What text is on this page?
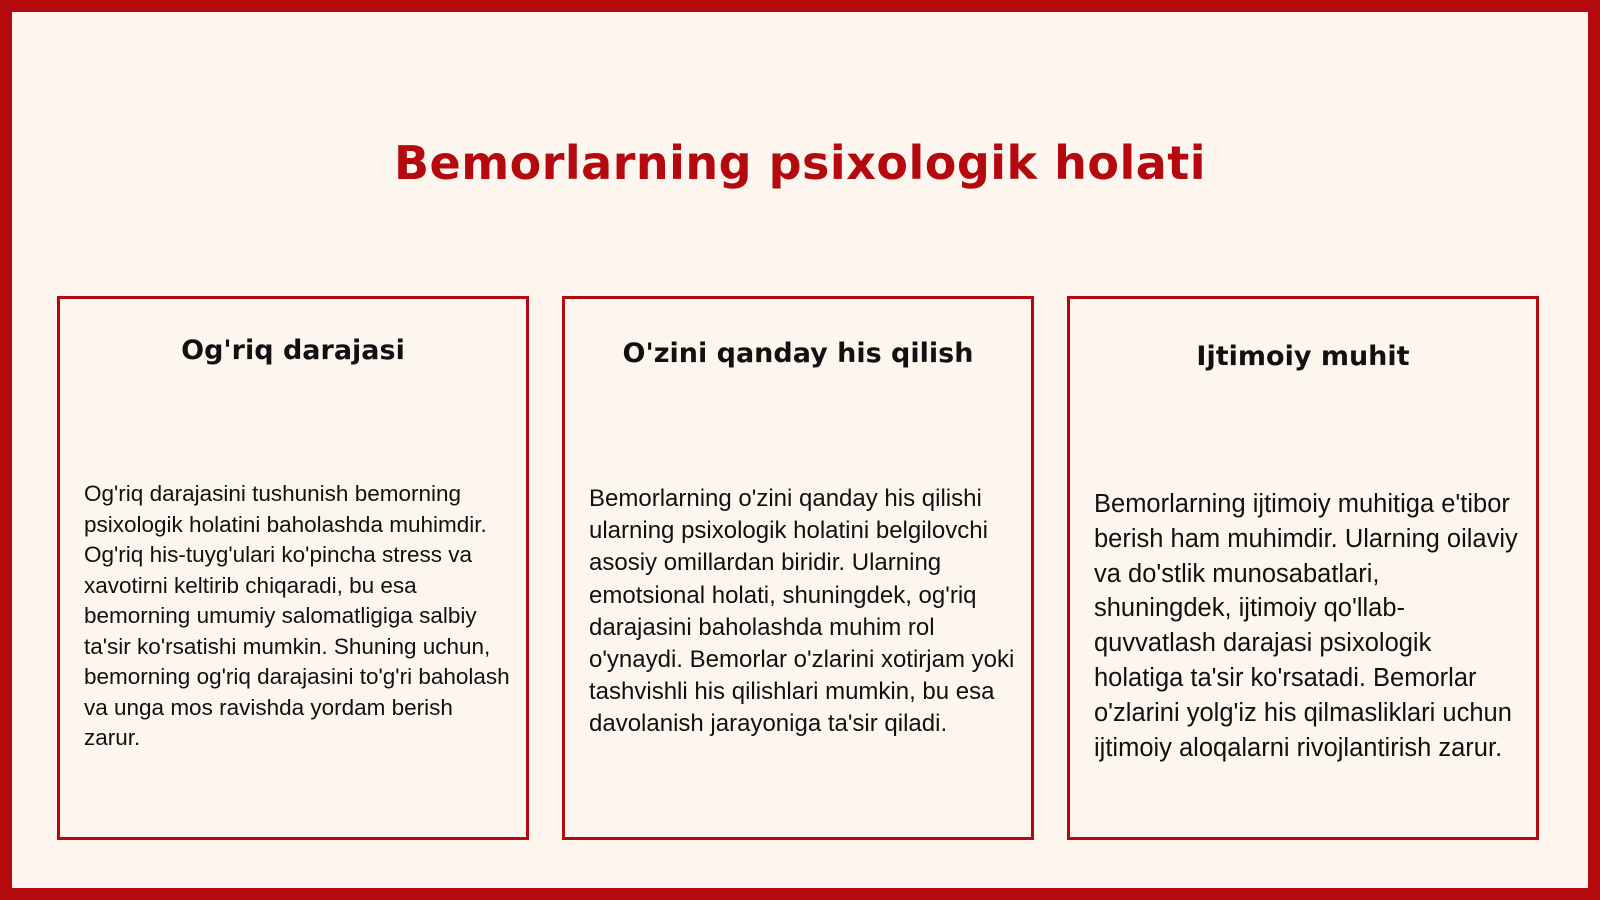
Bemorlarning psixologik holati
Og'riq darajasi

Og'riq darajasini tushunish bemorning psixologik holatini baholashda muhimdir. Og'riq his-tuyg'ulari ko'pincha stress va xavotirni keltirib chiqaradi, bu esa bemorning umumiy salomatligiga salbiy ta'sir ko'rsatishi mumkin. Shuning uchun, bemorning og'riq darajasini to'g'ri baholash va unga mos ravishda yordam berish zarur.

O'zini qanday his qilish

Bemorlarning o'zini qanday his qilishi ularning psixologik holatini belgilovchi asosiy omillardan biridir. Ularning emotsional holati, shuningdek, og'riq darajasini baholashda muhim rol o'ynaydi. Bemorlar o'zlarini xotirjam yoki tashvishli his qilishlari mumkin, bu esa davolanish jarayoniga ta'sir qiladi.

Ijtimoiy muhit

Bemorlarning ijtimoiy muhitiga e'tibor berish ham muhimdir. Ularning oilaviy va do'stlik munosabatlari, shuningdek, ijtimoiy qo'llab-quvvatlash darajasi psixologik holatiga ta'sir ko'rsatadi. Bemorlar o'zlarini yolg'iz his qilmasliklari uchun ijtimoiy aloqalarni rivojlantirish zarur.
